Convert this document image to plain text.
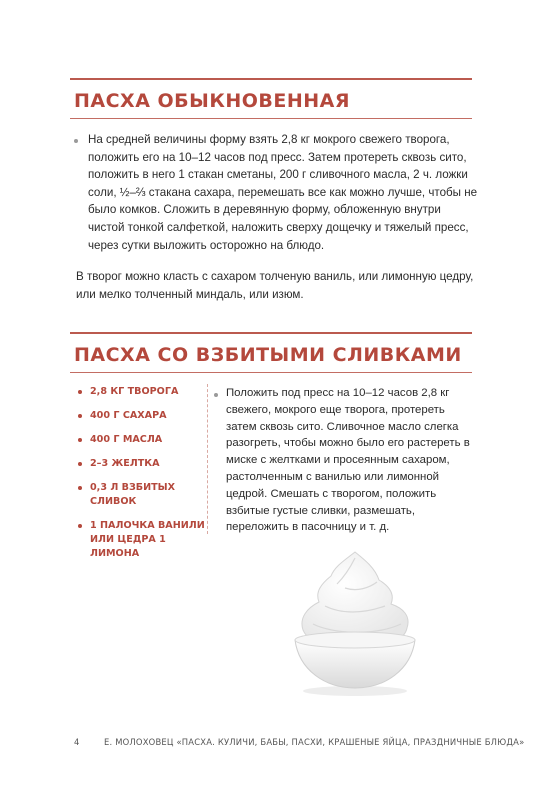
ПАСХА ОБЫКНОВЕННАЯ

На средней величины форму взять 2,8 кг мокрого свежего творога, положить его на 10–12 часов под пресс. Затем протереть сквозь сито, положить в него 1 стакан сметаны, 200 г сливочного масла, 2 ч. ложки соли, ½–⅔ стакана сахара, перемешать все как можно лучше, чтобы не было комков. Сложить в деревянную форму, обложенную внутри чистой тонкой салфеткой, наложить сверху дощечку и тяжелый пресс, через сутки выложить осторожно на блюдо.

В творог можно класть с сахаром толченую ваниль, или лимонную цедру, или мелко толченный миндаль, или изюм.

ПАСХА СО ВЗБИТЫМИ СЛИВКАМИ
2,8 КГ ТВОРОГА
400 Г САХАРА
400 Г МАСЛА
2–3 ЖЕЛТКА
0,3 Л ВЗБИТЫХ СЛИВОК
1 ПАЛОЧКА ВАНИЛИ ИЛИ ЦЕДРА 1 ЛИМОНА

Положить под пресс на 10–12 часов 2,8 кг свежего, мокрого еще творога, протереть затем сквозь сито. Сливочное масло слегка разогреть, чтобы можно было его растереть в миске с желтками и просеянным сахаром, растолченным с ванилью или лимонной цедрой. Смешать с творогом, положить взбитые густые сливки, размешать, переложить в пасочницу и т. д.

4	Е. МОЛОХОВЕЦ «ПАСХА. КУЛИЧИ, БАБЫ, ПАСХИ, КРАШЕНЫЕ ЯЙЦА, ПРАЗДНИЧНЫЕ БЛЮДА»
